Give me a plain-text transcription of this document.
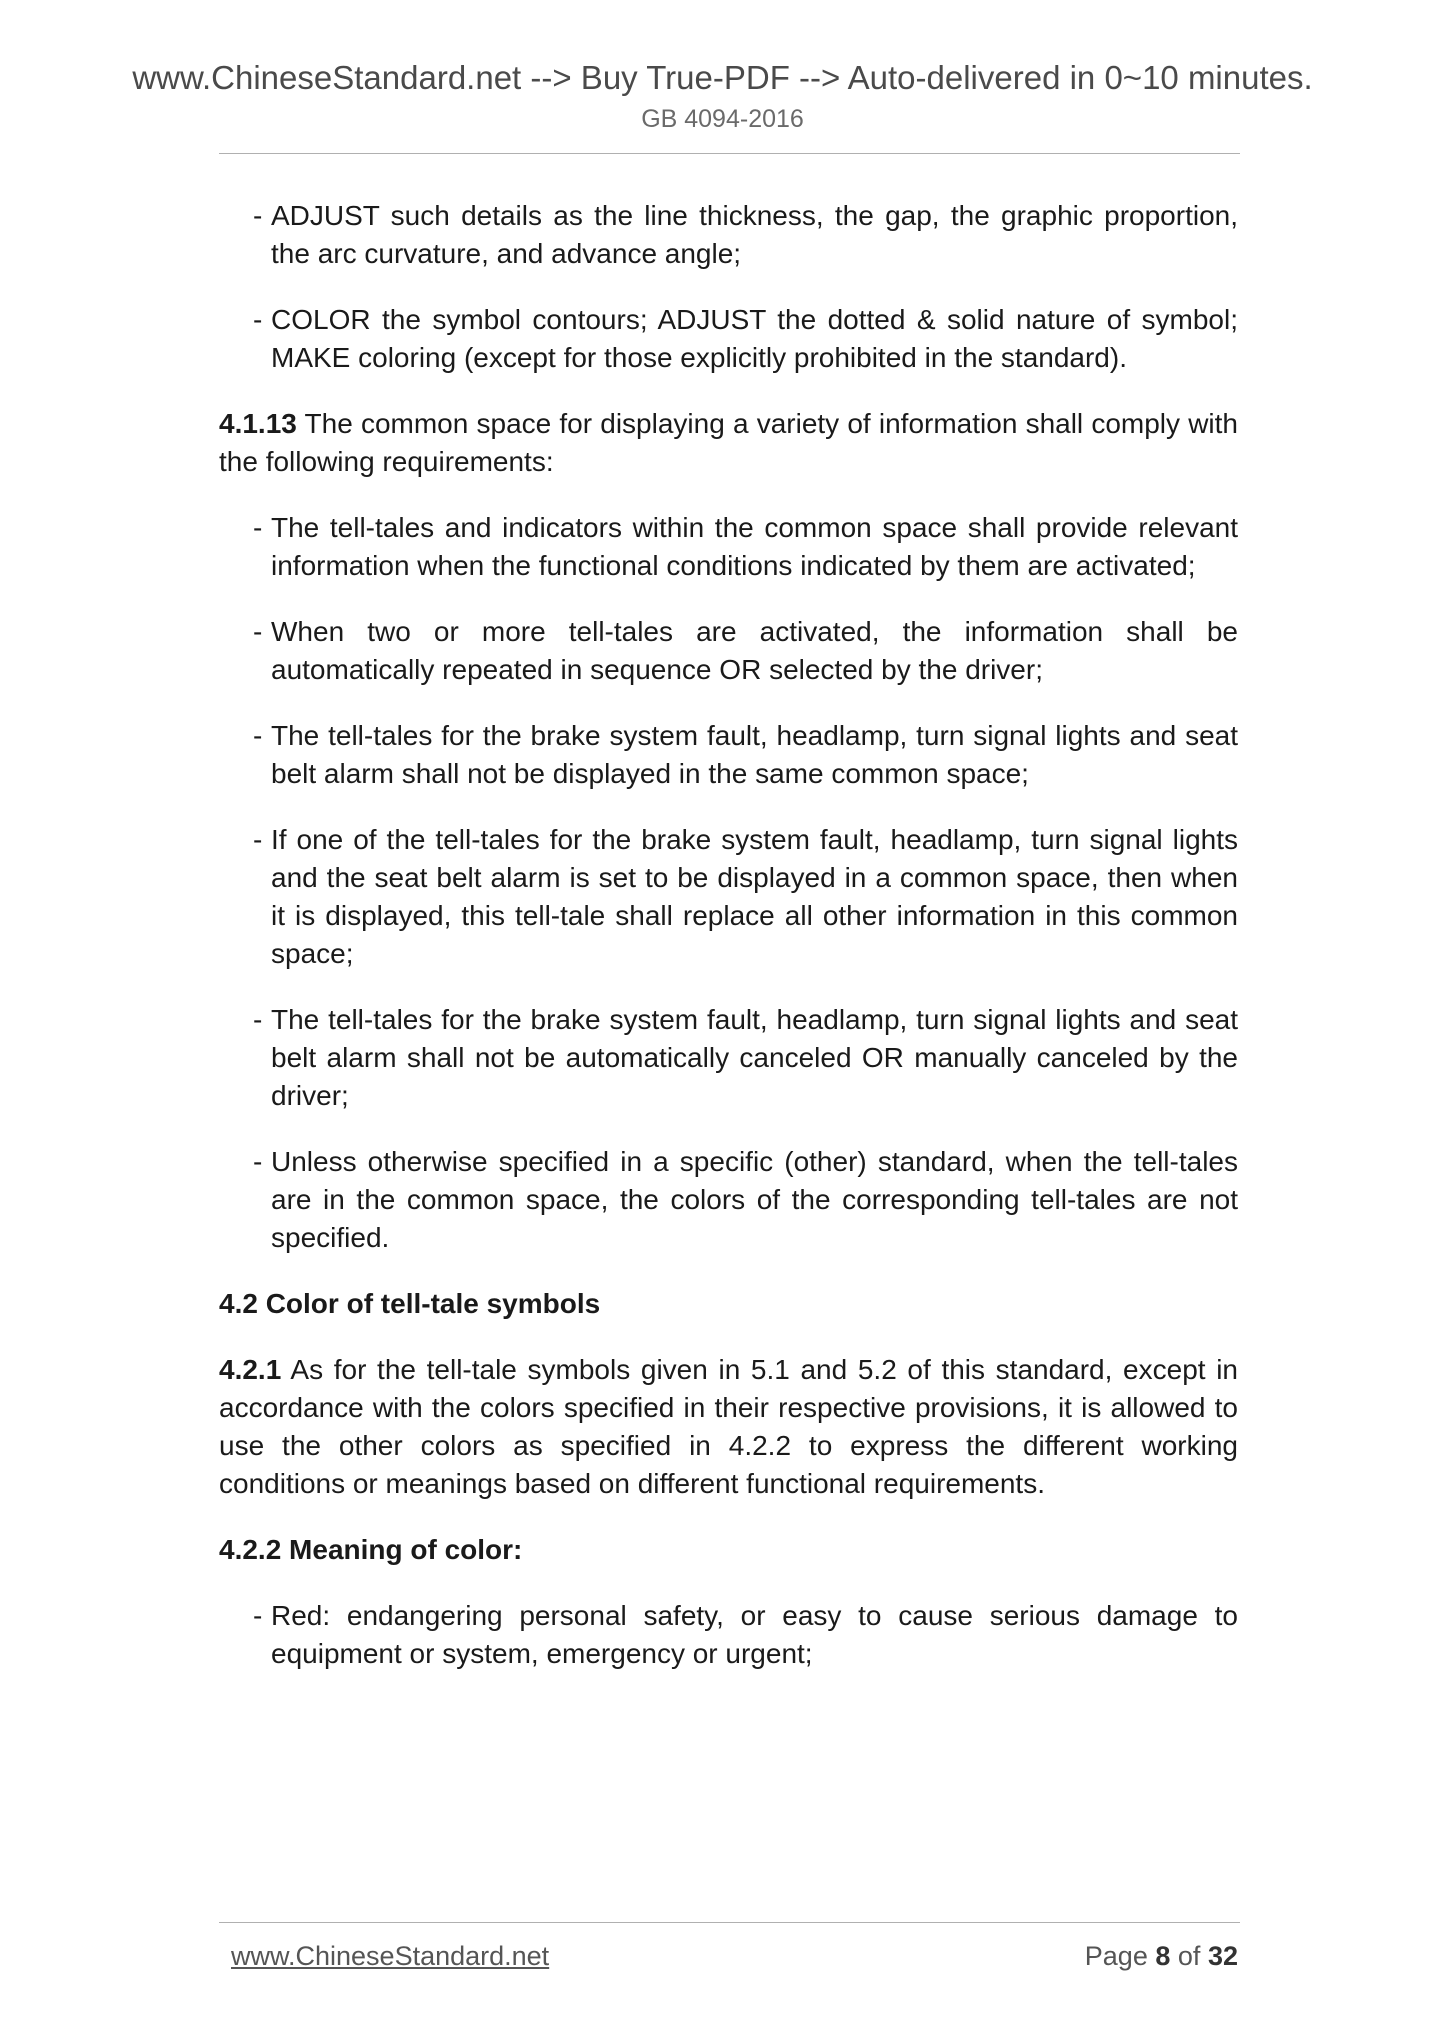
www.ChineseStandard.net --> Buy True-PDF --> Auto-delivered in 0~10 minutes.
GB 4094-2016
- ADJUST such details as the line thickness, the gap, the graphic proportion, the arc curvature, and advance angle;
- COLOR the symbol contours; ADJUST the dotted & solid nature of symbol; MAKE coloring (except for those explicitly prohibited in the standard).
4.1.13 The common space for displaying a variety of information shall comply with the following requirements:
- The tell-tales and indicators within the common space shall provide relevant information when the functional conditions indicated by them are activated;
- When two or more tell-tales are activated, the information shall be automatically repeated in sequence OR selected by the driver;
- The tell-tales for the brake system fault, headlamp, turn signal lights and seat belt alarm shall not be displayed in the same common space;
- If one of the tell-tales for the brake system fault, headlamp, turn signal lights and the seat belt alarm is set to be displayed in a common space, then when it is displayed, this tell-tale shall replace all other information in this common space;
- The tell-tales for the brake system fault, headlamp, turn signal lights and seat belt alarm shall not be automatically canceled OR manually canceled by the driver;
- Unless otherwise specified in a specific (other) standard, when the tell-tales are in the common space, the colors of the corresponding tell-tales are not specified.
4.2 Color of tell-tale symbols
4.2.1 As for the tell-tale symbols given in 5.1 and 5.2 of this standard, except in accordance with the colors specified in their respective provisions, it is allowed to use the other colors as specified in 4.2.2 to express the different working conditions or meanings based on different functional requirements.
4.2.2 Meaning of color:
- Red: endangering personal safety, or easy to cause serious damage to equipment or system, emergency or urgent;
www.ChineseStandard.net	Page 8 of 32
